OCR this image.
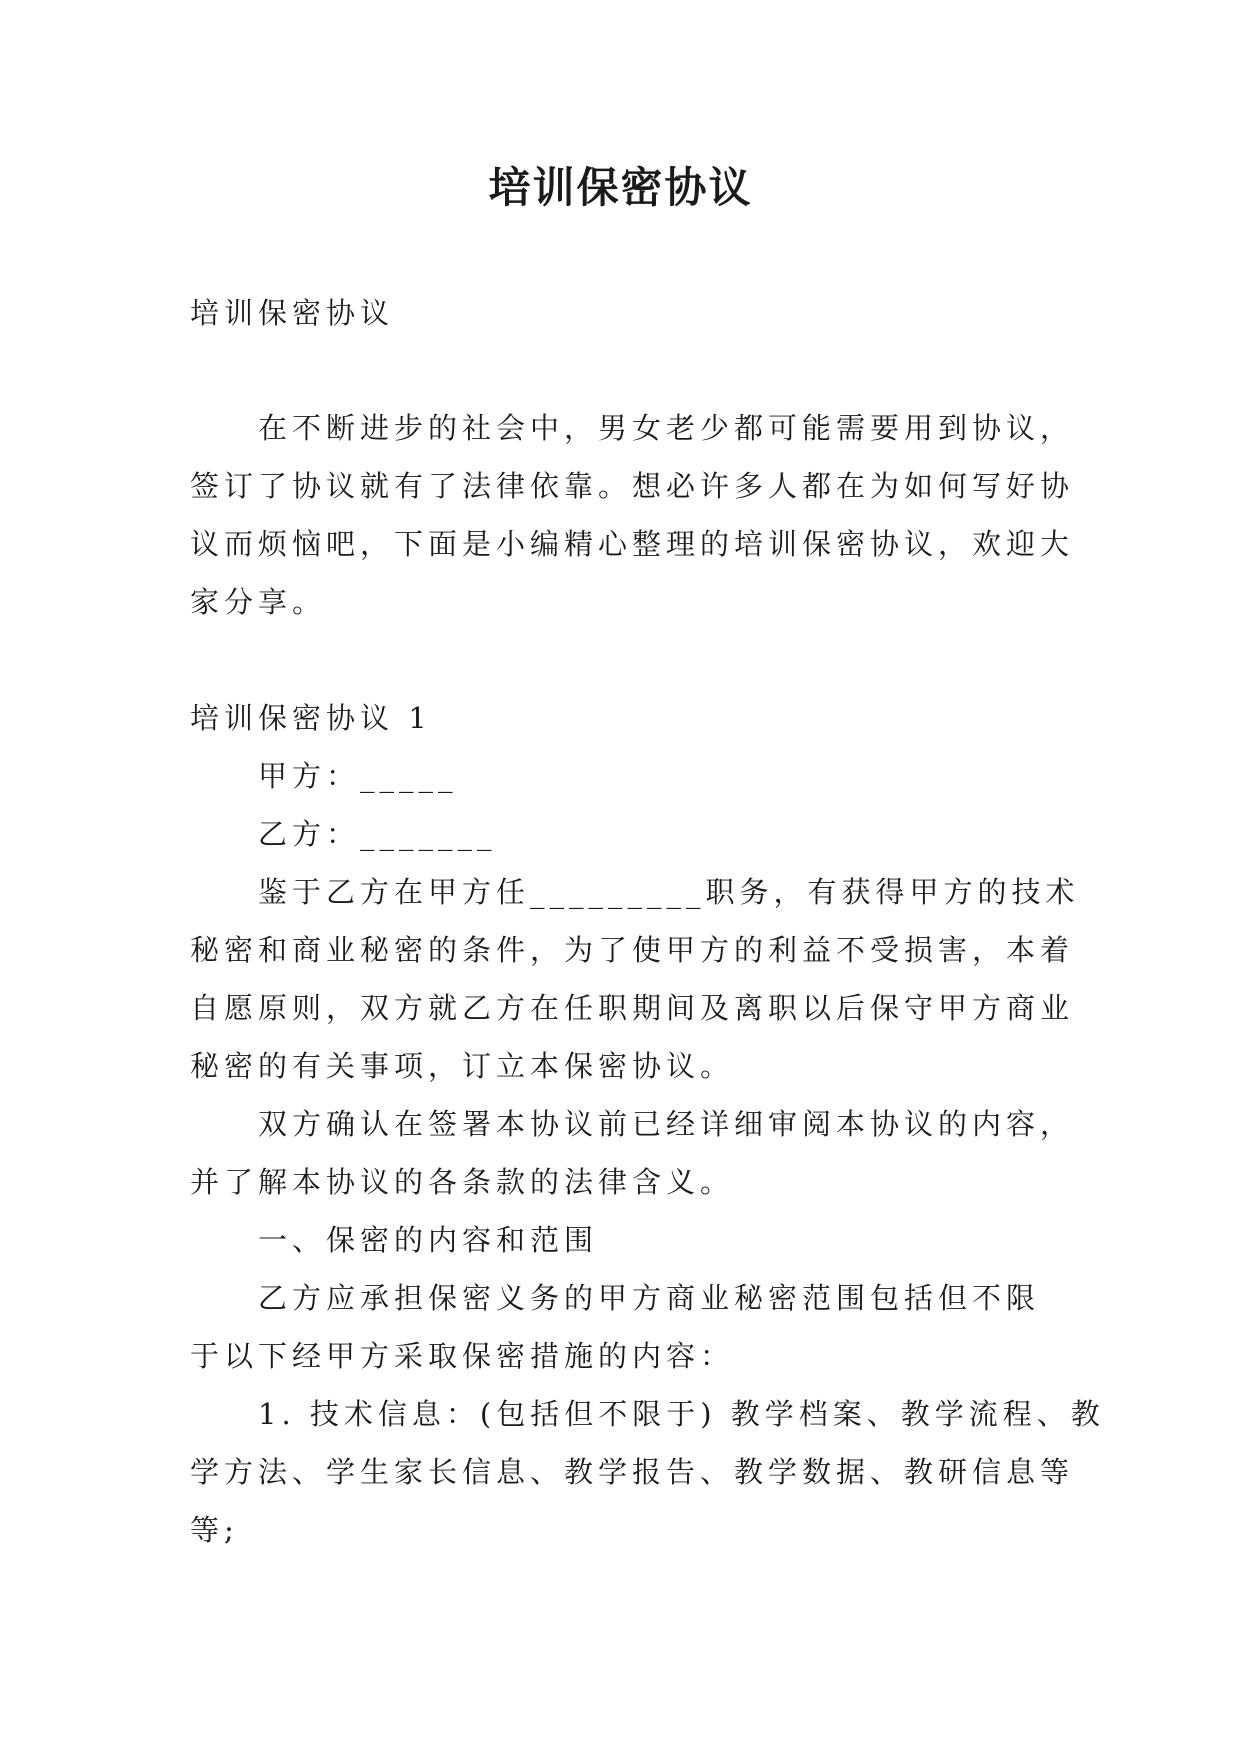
培训保密协议
培训保密协议
在不断进步的社会中，男女老少都可能需要用到协议，
签订了协议就有了法律依靠。想必许多人都在为如何写好协
议而烦恼吧，下面是小编精心整理的培训保密协议，欢迎大
家分享。
培训保密协议 1
甲方：_____
乙方：_______
鉴于乙方在甲方任_________职务，有获得甲方的技术
秘密和商业秘密的条件，为了使甲方的利益不受损害，本着
自愿原则，双方就乙方在任职期间及离职以后保守甲方商业
秘密的有关事项，订立本保密协议。
双方确认在签署本协议前已经详细审阅本协议的内容，
并了解本协议的各条款的法律含义。
一、保密的内容和范围
乙方应承担保密义务的甲方商业秘密范围包括但不限
于以下经甲方采取保密措施的内容：
1. 技术信息：(包括但不限于) 教学档案、教学流程、教
学方法、学生家长信息、教学报告、教学数据、教研信息等
等;
